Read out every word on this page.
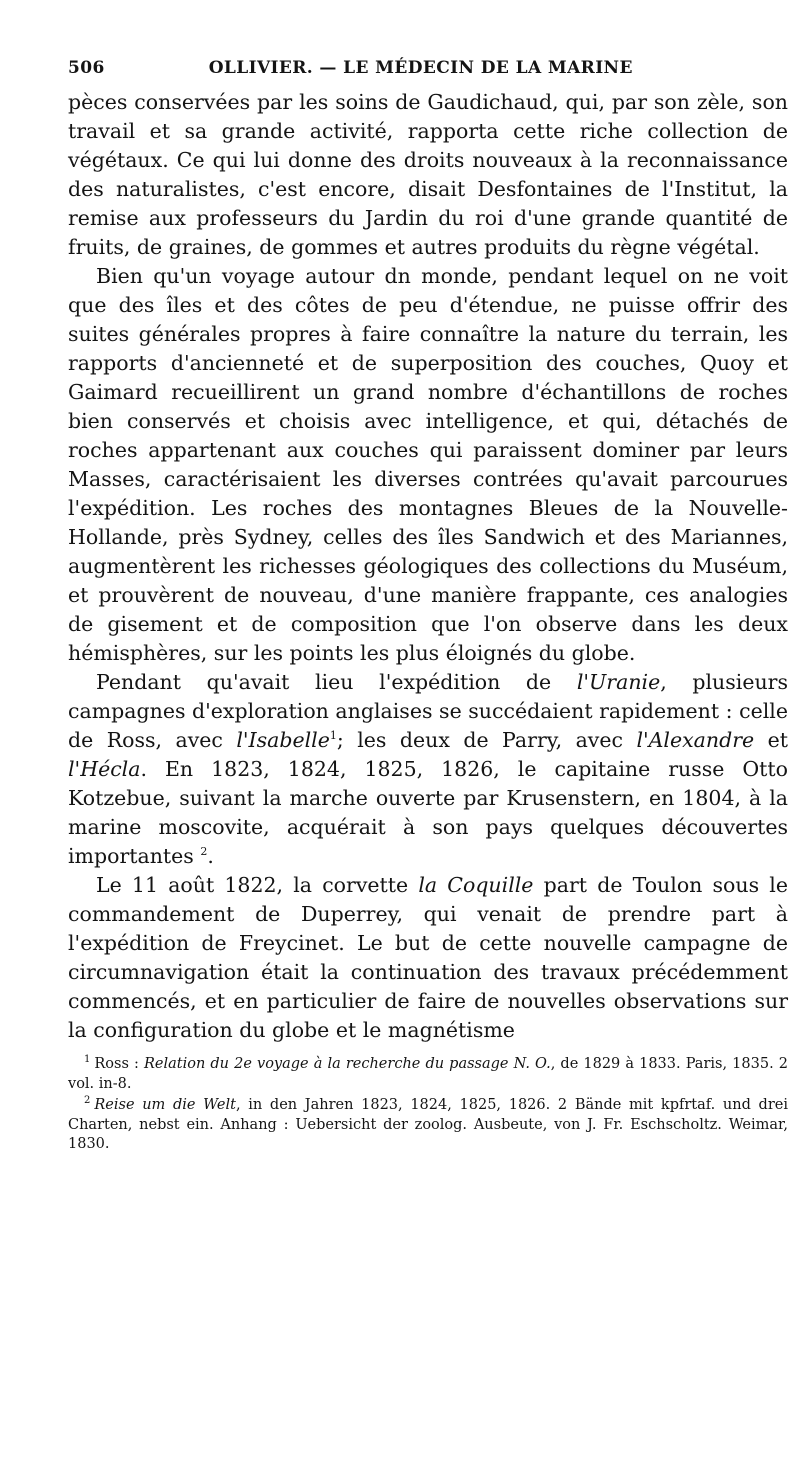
506	OLLIVIER. — LE MÉDECIN DE LA MARINE

pèces conservées par les soins de Gaudichaud, qui, par son zèle, son travail et sa grande activité, rapporta cette riche collection de végétaux. Ce qui lui donne des droits nouveaux à la reconnaissance des naturalistes, c'est encore, disait Desfontaines de l'Institut, la remise aux professeurs du Jardin du roi d'une grande quantité de fruits, de graines, de gommes et autres produits du règne végétal.

Bien qu'un voyage autour dn monde, pendant lequel on ne voit que des îles et des côtes de peu d'étendue, ne puisse offrir des suites générales propres à faire connaître la nature du terrain, les rapports d'ancienneté et de superposition des couches, Quoy et Gaimard recueillirent un grand nombre d'échantillons de roches bien conservés et choisis avec intelligence, et qui, détachés de roches appartenant aux couches qui paraissent dominer par leurs Masses, caractérisaient les diverses contrées qu'avait parcourues l'expédition. Les roches des montagnes Bleues de la Nouvelle-Hollande, près Sydney, celles des îles Sandwich et des Mariannes, augmentèrent les richesses géologiques des collections du Muséum, et prouvèrent de nouveau, d'une manière frappante, ces analogies de gisement et de composition que l'on observe dans les deux hémisphères, sur les points les plus éloignés du globe.

Pendant qu'avait lieu l'expédition de l'Uranie, plusieurs campagnes d'exploration anglaises se succédaient rapidement : celle de Ross, avec l'Isabelle$^1$; les deux de Parry, avec l'Alexandre et l'Hécla. En 1823, 1824, 1825, 1826, le capitaine russe Otto Kotzebue, suivant la marche ouverte par Krusenstern, en 1804, à la marine moscovite, acquérait à son pays quelques découvertes importantes $^2$.

Le 11 août 1822, la corvette la Coquille part de Toulon sous le commandement de Duperrey, qui venait de prendre part à l'expédition de Freycinet. Le but de cette nouvelle campagne de circumnavigation était la continuation des travaux précédemment commencés, et en particulier de faire de nouvelles observations sur la configuration du globe et le magnétisme

$^1$ Ross : Relation du 2e voyage à la recherche du passage N. O., de 1829 à 1833. Paris, 1835. 2 vol. in-8.

$^2$ Reise um die Welt, in den Jahren 1823, 1824, 1825, 1826. 2 Bände mit kpfrtaf. und drei Charten, nebst ein. Anhang : Uebersicht der zoolog. Ausbeute, von J. Fr. Eschscholtz. Weimar, 1830.
